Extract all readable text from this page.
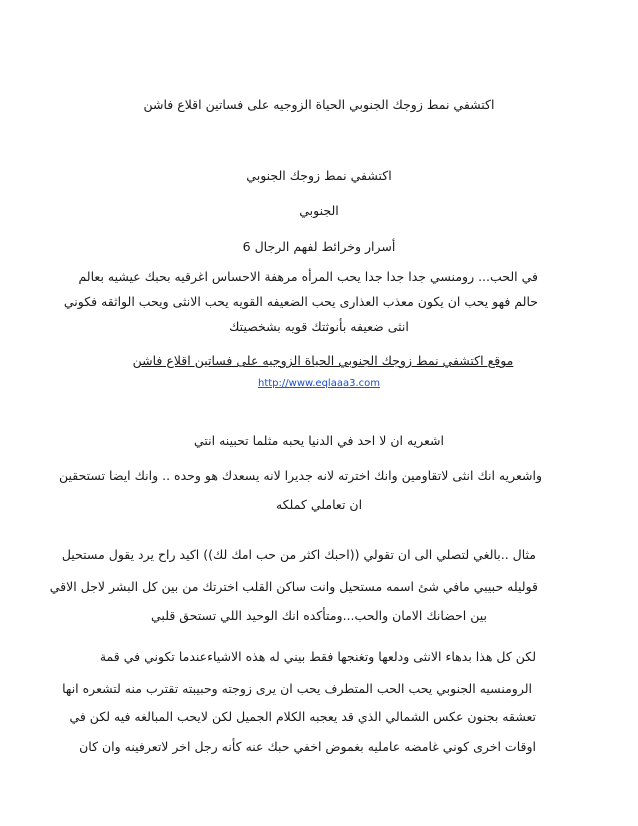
اكتشفي نمط زوجك الجنوبي الحياة الزوجيه على فساتين اقلاع فاشن
اكتشفي نمط زوجك الجنوبي
الجنوبي
أسرار وخرائط لفهم الرجال 6
في الحب... رومنسي جدا جدا جدا يحب المرأه مرهفة الاحساس اغرقيه بحبك عيشيه بعالم
حالم فهو يحب ان يكون معذب العذارى يحب الضعيفه القويه يحب الانثى ويحب الواثقه فكوني
انثى ضعيفه بأنوثتك قويه بشخصيتك
موقع اكتشفي نمط زوجك الجنوبي الحياة الزوجيه على فساتين اقلاع فاشن
http://www.eqlaaa3.com
اشعريه ان لا احد في الدنيا يحبه مثلما تحبينه انتي
واشعريه انك انثى لاتقاومين وانك اخترته لانه جديرا لانه يسعدك هو وحده .. وانك ايضا تستحقين
ان تعاملي كملكه
مثال ..بالغي لتصلي الى ان تقولي ((احبك اكثر من حب امك لك)) اكيد راح يرد يقول مستحيل
قوليله حبيبي مافي شئ اسمه مستحيل وانت ساكن القلب اخترتك من بين كل البشر لاجل الاقي
بين احضانك الامان والحب...ومتأكده انك الوحيد اللي تستحق قلبي
لكن كل هذا بدهاء الانثى ودلعها وتغنجها فقط بيني له هذه الاشياءعندما تكوني في قمة
الرومنسيه الجنوبي يحب الحب المتطرف يحب ان يرى زوجته وحبيبته تقترب منه لتشعره انها
تعشقه بجنون عكس الشمالي الذي قد يعجبه الكلام الجميل لكن لايحب المبالغه فيه لكن في
اوقات اخرى كوني غامضه عامليه بغموض اخفي حبك عنه كأنه رجل اخر لاتعرفينه وان كان
